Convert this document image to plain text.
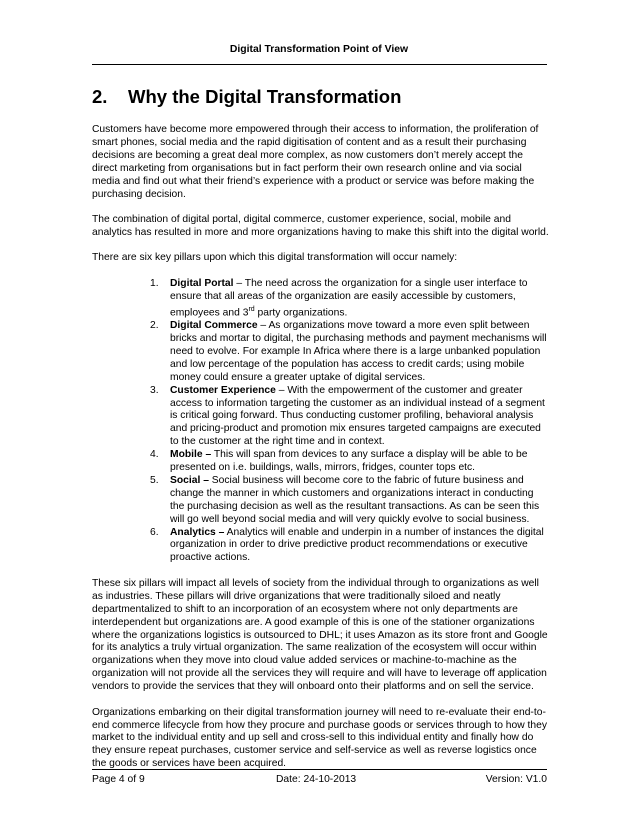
Digital Transformation Point of View
2. Why the Digital Transformation

Customers have become more empowered through their access to information, the proliferation of smart phones, social media and the rapid digitisation of content and as a result their purchasing decisions are becoming a great deal more complex, as now customers don’t merely accept the direct marketing from organisations but in fact perform their own research online and via social media and find out what their friend’s experience with a product or service was before making the purchasing decision.

The combination of digital portal, digital commerce, customer experience, social, mobile and analytics has resulted in more and more organizations having to make this shift into the digital world.

There are six key pillars upon which this digital transformation will occur namely:

1.	Digital Portal – The need across the organization for a single user interface to ensure that all areas of the organization are easily accessible by customers, employees and 3rd party organizations.
2.	Digital Commerce – As organizations move toward a more even split between bricks and mortar to digital, the purchasing methods and payment mechanisms will need to evolve. For example In Africa where there is a large unbanked population and low percentage of the population has access to credit cards; using mobile money could ensure a greater uptake of digital services.
3.	Customer Experience – With the empowerment of the customer and greater access to information targeting the customer as an individual instead of a segment is critical going forward. Thus conducting customer profiling, behavioral analysis and pricing-product and promotion mix ensures targeted campaigns are executed to the customer at the right time and in context.
4.	Mobile – This will span from devices to any surface a display will be able to be presented on i.e. buildings, walls, mirrors, fridges, counter tops etc.
5.	Social – Social business will become core to the fabric of future business and change the manner in which customers and organizations interact in conducting the purchasing decision as well as the resultant transactions. As can be seen this will go well beyond social media and will very quickly evolve to social business.
6.	Analytics – Analytics will enable and underpin in a number of instances the digital organization in order to drive predictive product recommendations or executive proactive actions.

These six pillars will impact all levels of society from the individual through to organizations as well as industries. These pillars will drive organizations that were traditionally siloed and neatly departmentalized to shift to an incorporation of an ecosystem where not only departments are interdependent but organizations are. A good example of this is one of the stationer organizations where the organizations logistics is outsourced to DHL; it uses Amazon as its store front and Google for its analytics a truly virtual organization. The same realization of the ecosystem will occur within organizations when they move into cloud value added services or machine-to-machine as the organization will not provide all the services they will require and will have to leverage off application vendors to provide the services that they will onboard onto their platforms and on sell the service.

Organizations embarking on their digital transformation journey will need to re-evaluate their end-to-end commerce lifecycle from how they procure and purchase goods or services through to how they market to the individual entity and up sell and cross-sell to this individual entity and finally how do they ensure repeat purchases, customer service and self-service as well as reverse logistics once the goods or services have been acquired.

Page 4 of 9	Date: 24-10-2013	Version: V1.0
